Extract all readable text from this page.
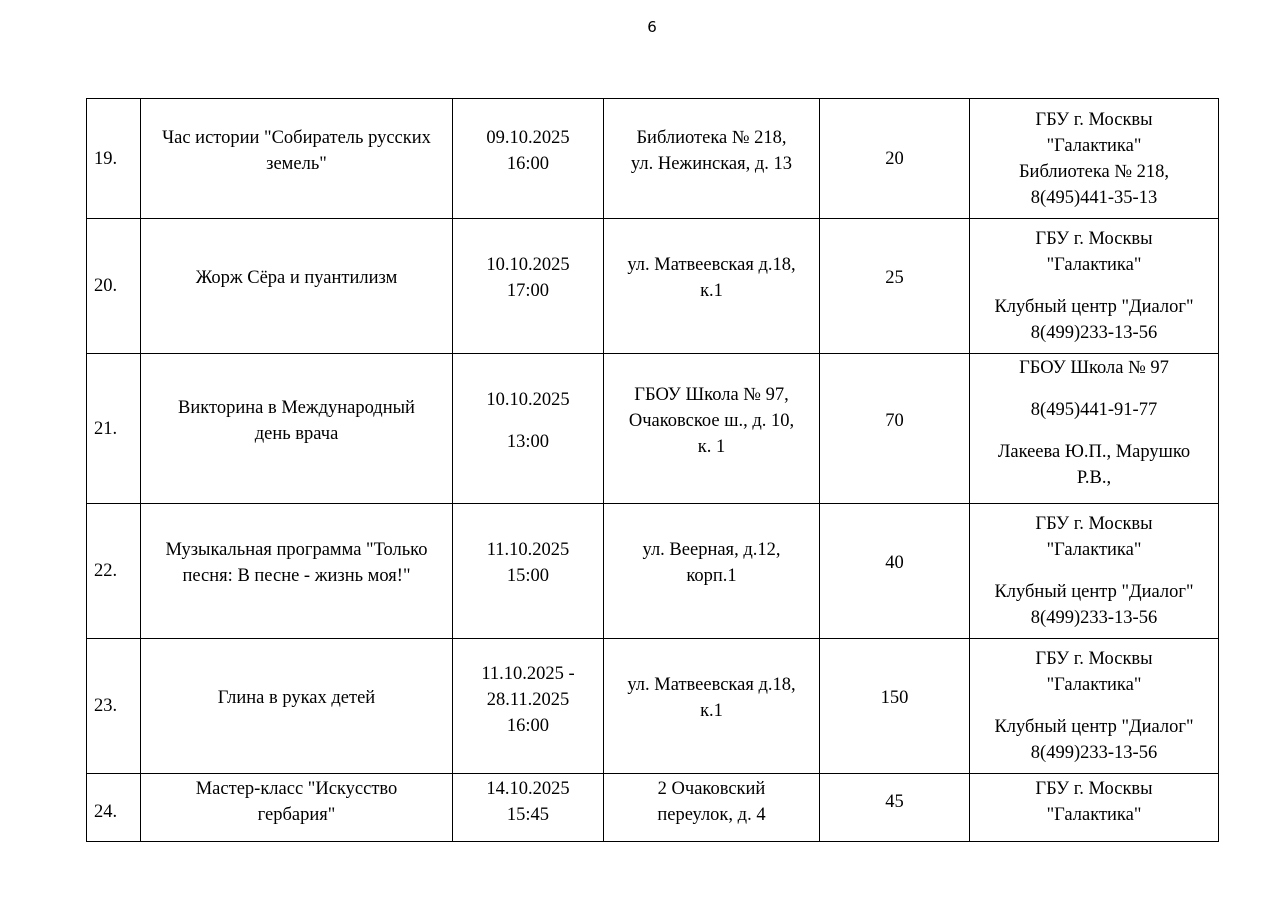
6
19.	Час истории "Собиратель русских
земель"	09.10.2025
16:00	Библиотека № 218,
ул. Нежинская, д. 13	20	ГБУ г. Москвы
"Галактика"
Библиотека № 218,
8(495)441-35-13

20.	Жорж Сёра и пуантилизм	10.10.2025
17:00	ул. Матвеевская д.18,
к.1	25	ГБУ г. Москвы
"Галактика"
Клубный центр "Диалог"
8(499)233-13-56

21.	Викторина в Международный
день врача	10.10.2025
13:00	ГБОУ Школа № 97,
Очаковское ш., д. 10,
к. 1	70	ГБОУ Школа № 97
8(495)441-91-77
Лакеева Ю.П., Марушко
Р.В.,

22.	Музыкальная программа "Только
песня: В песне - жизнь моя!"	11.10.2025
15:00	ул. Веерная, д.12,
корп.1	40	ГБУ г. Москвы
"Галактика"
Клубный центр "Диалог"
8(499)233-13-56

23.	Глина в руках детей	11.10.2025 -
28.11.2025
16:00	ул. Матвеевская д.18,
к.1	150	ГБУ г. Москвы
"Галактика"
Клубный центр "Диалог"
8(499)233-13-56

24.	Мастер-класс "Искусство
гербария"	14.10.2025
15:45	2 Очаковский
переулок, д. 4	45	ГБУ г. Москвы
"Галактика"
